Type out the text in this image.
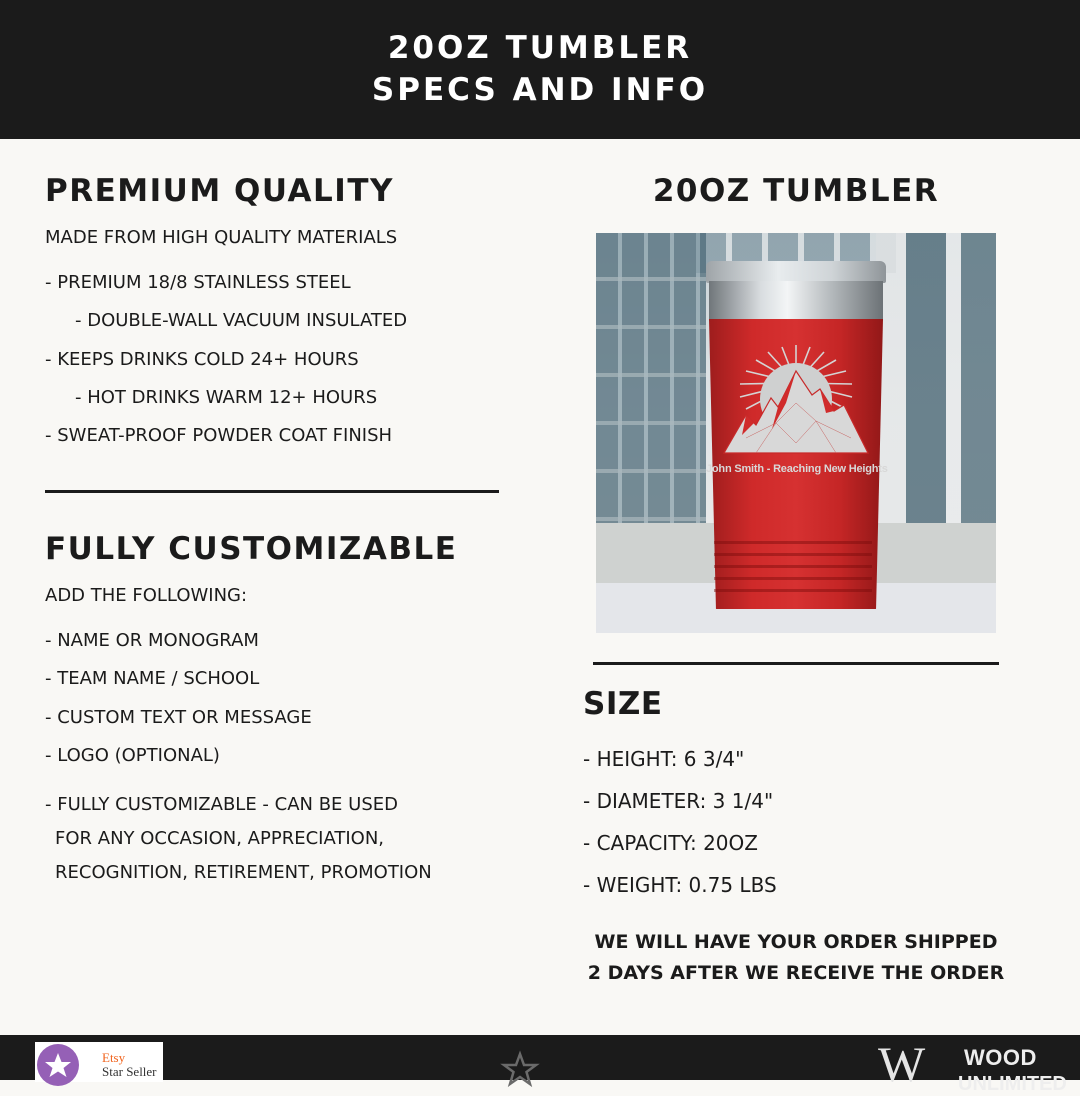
20OZ TUMBLER
SPECS AND INFO
PREMIUM QUALITY
MADE FROM HIGH QUALITY MATERIALS
- PREMIUM 18/8 STAINLESS STEEL
- DOUBLE-WALL VACUUM INSULATED
- KEEPS DRINKS COLD 24+ HOURS
- HOT DRINKS WARM 12+ HOURS
- SWEAT-PROOF POWDER COAT FINISH
FULLY CUSTOMIZABLE
ADD THE FOLLOWING:
- NAME OR MONOGRAM
- TEAM NAME / SCHOOL
- CUSTOM TEXT OR MESSAGE
- LOGO (OPTIONAL)
- FULLY CUSTOMIZABLE - CAN BE USED
FOR ANY OCCASION, APPRECIATION,
RECOGNITION, RETIREMENT, PROMOTION
20OZ TUMBLER
John Smith - Reaching New Heights
SIZE
- HEIGHT: 6 3/4"
- DIAMETER: 3 1/4"
- CAPACITY: 20OZ
- WEIGHT: 0.75 LBS
WE WILL HAVE YOUR ORDER SHIPPED
2 DAYS AFTER WE RECEIVE THE ORDER
Etsy
Star Seller	W WOOD
UNLIMITED
